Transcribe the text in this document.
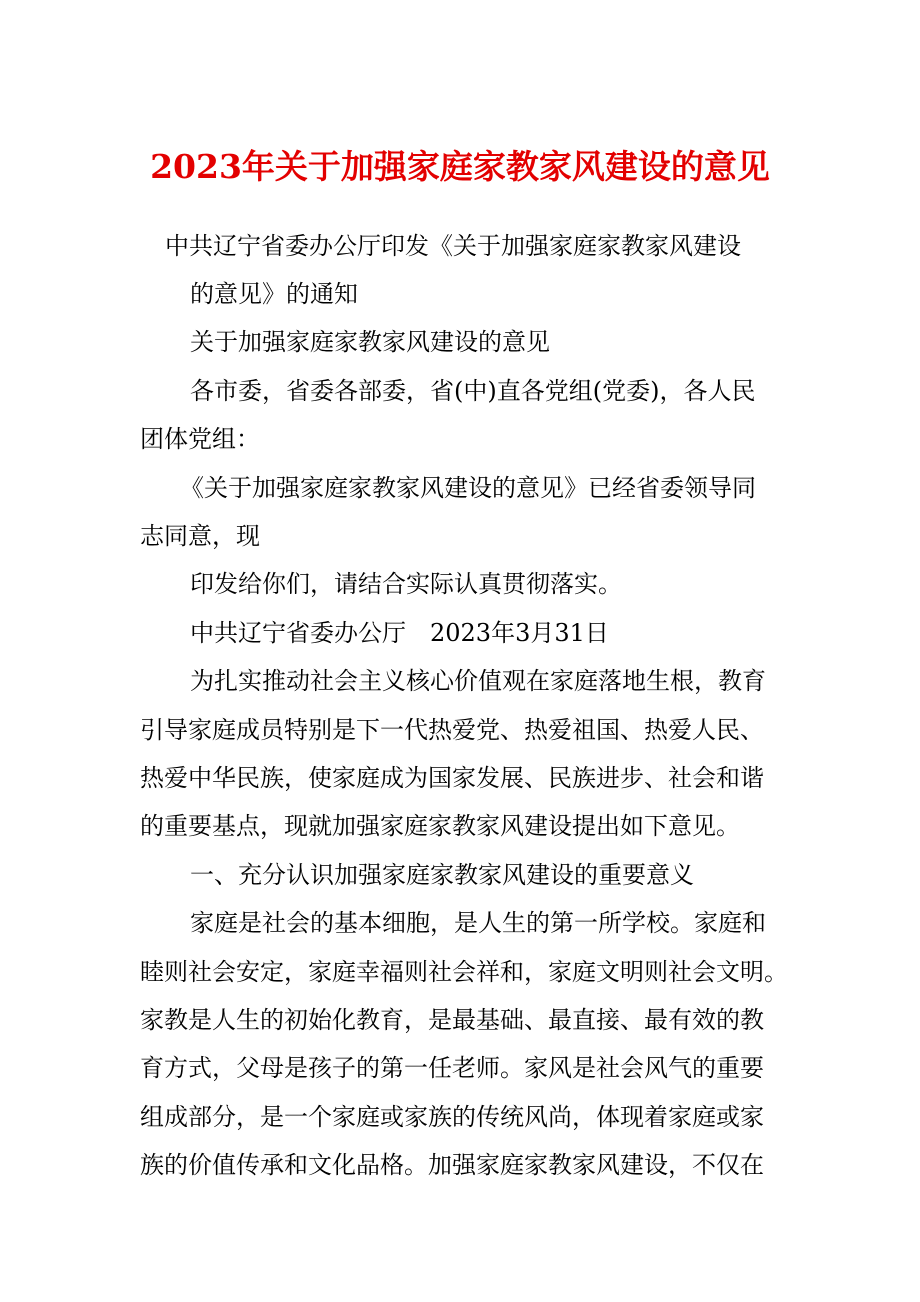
2023年关于加强家庭家教家风建设的意见
中共辽宁省委办公厅印发《关于加强家庭家教家风建设
的意见》的通知
关于加强家庭家教家风建设的意见
各市委，省委各部委，省(中)直各党组(党委)，各人民
团体党组：
《关于加强家庭家教家风建设的意见》已经省委领导同
志同意，现
印发给你们，请结合实际认真贯彻落实。
中共辽宁省委办公厅　2023年3月31日
为扎实推动社会主义核心价值观在家庭落地生根，教育
引导家庭成员特别是下一代热爱党、热爱祖国、热爱人民、
热爱中华民族，使家庭成为国家发展、民族进步、社会和谐
的重要基点，现就加强家庭家教家风建设提出如下意见。
一、充分认识加强家庭家教家风建设的重要意义
家庭是社会的基本细胞，是人生的第一所学校。家庭和
睦则社会安定，家庭幸福则社会祥和，家庭文明则社会文明。
家教是人生的初始化教育，是最基础、最直接、最有效的教
育方式，父母是孩子的第一任老师。家风是社会风气的重要
组成部分，是一个家庭或家族的传统风尚，体现着家庭或家
族的价值传承和文化品格。加强家庭家教家风建设，不仅在
